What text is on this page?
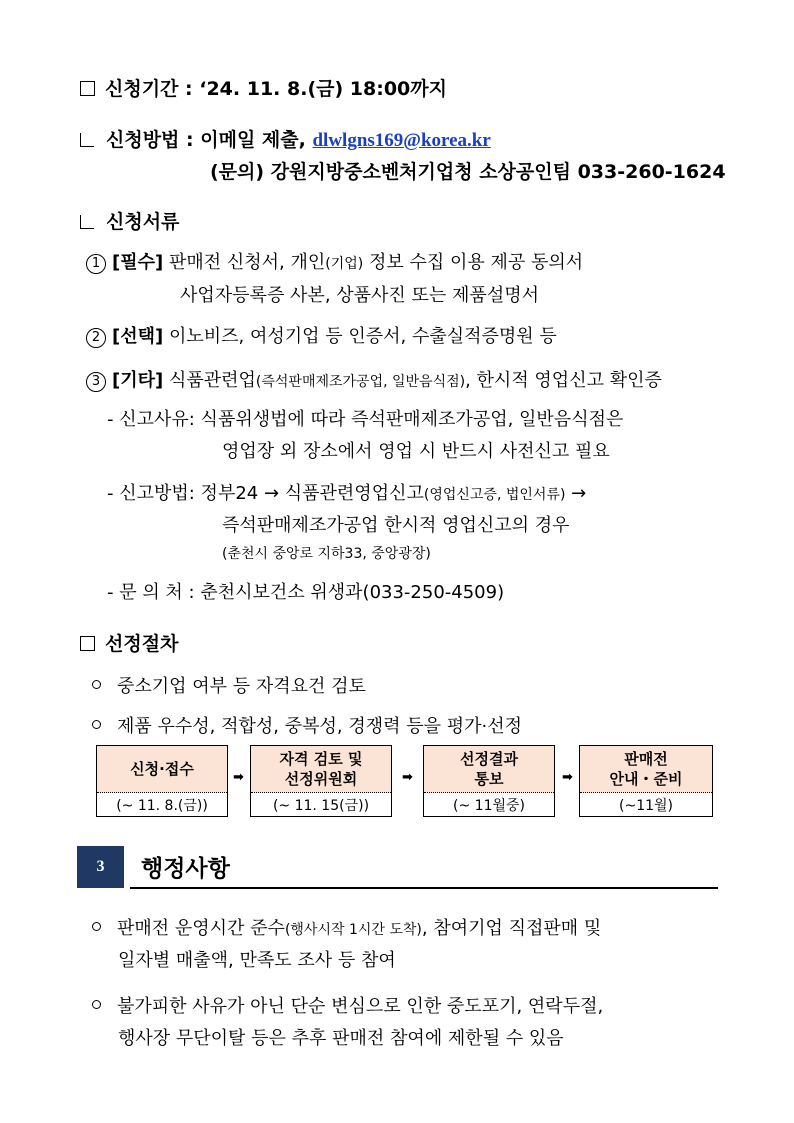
신청기간 : ‘24. 11. 8.(금) 18:00까지
신청방법 : 이메일 제출, dlwlgns169@korea.kr
(문의) 강원지방중소벤처기업청 소상공인팀 033-260-1624
신청서류
1 [필수] 판매전 신청서, 개인(기업) 정보 수집 이용 제공 동의서
사업자등록증 사본, 상품사진 또는 제품설명서
2 [선택] 이노비즈, 여성기업 등 인증서, 수출실적증명원 등
3 [기타] 식품관련업(즉석판매제조가공업, 일반음식점), 한시적 영업신고 확인증
- 신고사유: 식품위생법에 따라 즉석판매제조가공업, 일반음식점은
영업장 외 장소에서 영업 시 반드시 사전신고 필요
- 신고방법: 정부24 → 식품관련영업신고(영업신고증, 법인서류) →
즉석판매제조가공업 한시적 영업신고의 경우
(춘천시 중앙로 지하33, 중앙광장)
- 문 의 처 : 춘천시보건소 위생과(033-250-4509)
선정절차
중소기업 여부 등 자격요건 검토
제품 우수성, 적합성, 중복성, 경쟁력 등을 평가·선정
신청·접수
(~ 11. 8.(금))
➡
자격 검토 및
선정위원회
(~ 11. 15(금))
➡
선정결과
통보
(~ 11월중)
➡
판매전
안내・준비
(~11월)
3	행정사항
판매전 운영시간 준수(행사시작 1시간 도착), 참여기업 직접판매 및
일자별 매출액, 만족도 조사 등 참여
불가피한 사유가 아닌 단순 변심으로 인한 중도포기, 연락두절,
행사장 무단이탈 등은 추후 판매전 참여에 제한될 수 있음
